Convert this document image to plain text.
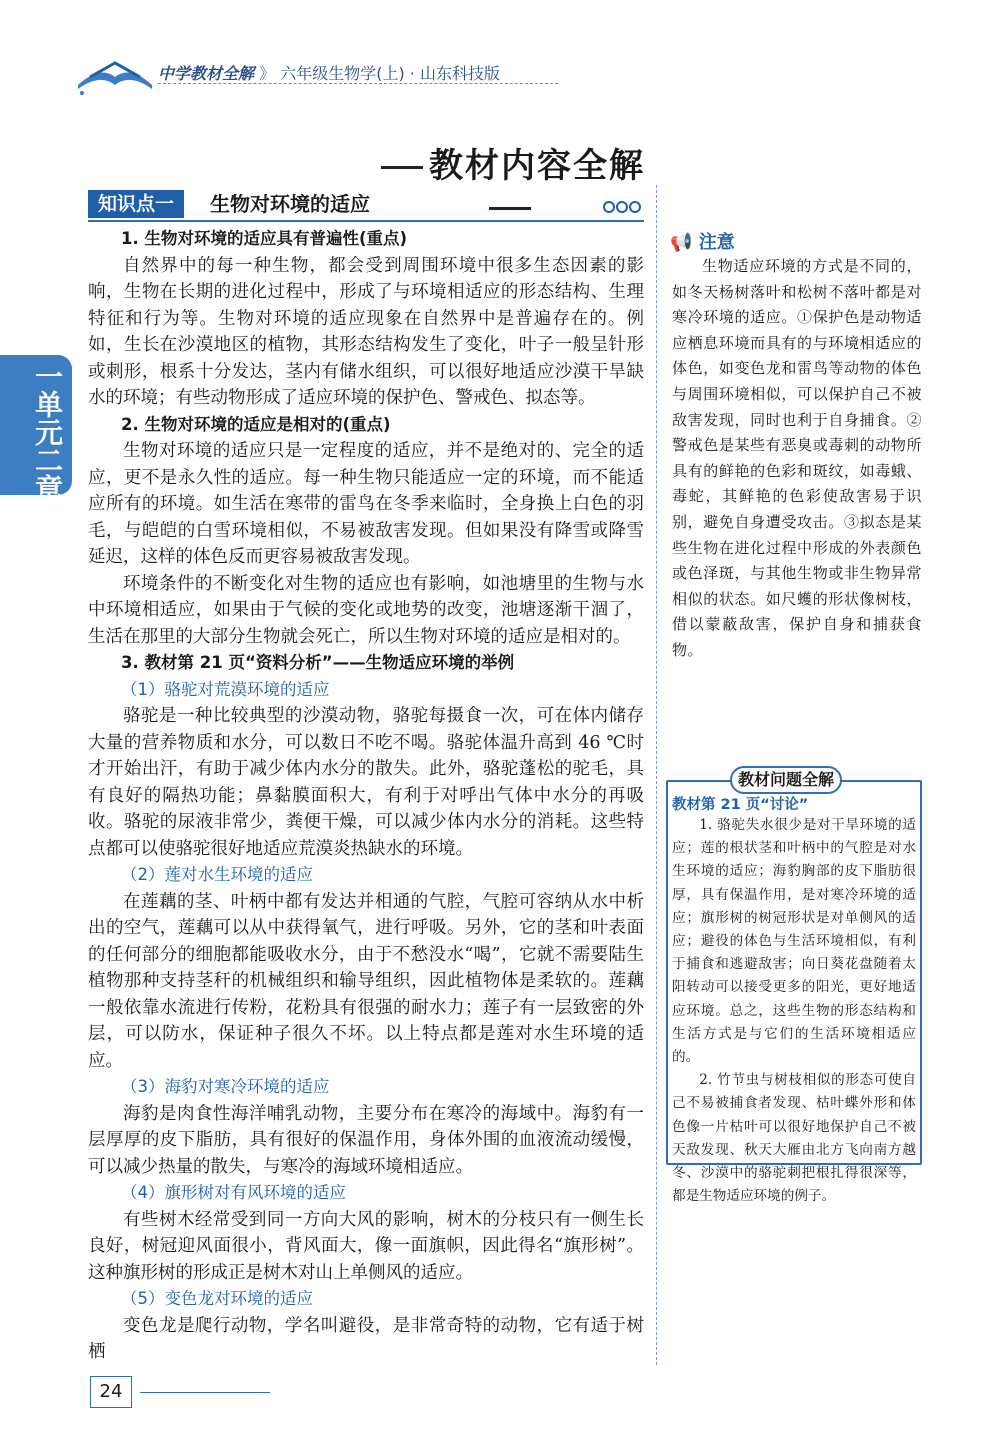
中学教材全解 》 六年级生物学(上) · 山东科技版
教材内容全解
知识点一	生物对环境的适应
一单元二章

1. 生物对环境的适应具有普遍性(重点)

自然界中的每一种生物，都会受到周围环境中很多生态因素的影响，生物在长期的进化过程中，形成了与环境相适应的形态结构、生理特征和行为等。生物对环境的适应现象在自然界中是普遍存在的。例如，生长在沙漠地区的植物，其形态结构发生了变化，叶子一般呈针形或刺形，根系十分发达，茎内有储水组织，可以很好地适应沙漠干旱缺水的环境；有些动物形成了适应环境的保护色、警戒色、拟态等。

2. 生物对环境的适应是相对的(重点)

生物对环境的适应只是一定程度的适应，并不是绝对的、完全的适应，更不是永久性的适应。每一种生物只能适应一定的环境，而不能适应所有的环境。如生活在寒带的雷鸟在冬季来临时，全身换上白色的羽毛，与皑皑的白雪环境相似，不易被敌害发现。但如果没有降雪或降雪延迟，这样的体色反而更容易被敌害发现。

环境条件的不断变化对生物的适应也有影响，如池塘里的生物与水中环境相适应，如果由于气候的变化或地势的改变，池塘逐渐干涸了，生活在那里的大部分生物就会死亡，所以生物对环境的适应是相对的。

3. 教材第 21 页“资料分析”——生物适应环境的举例

（1）骆驼对荒漠环境的适应

骆驼是一种比较典型的沙漠动物，骆驼每摄食一次，可在体内储存大量的营养物质和水分，可以数日不吃不喝。骆驼体温升高到 46 ℃时才开始出汗，有助于减少体内水分的散失。此外，骆驼蓬松的驼毛，具有良好的隔热功能；鼻黏膜面积大，有利于对呼出气体中水分的再吸收。骆驼的尿液非常少，粪便干燥，可以减少体内水分的消耗。这些特点都可以使骆驼很好地适应荒漠炎热缺水的环境。

（2）莲对水生环境的适应

在莲藕的茎、叶柄中都有发达并相通的气腔，气腔可容纳从水中析出的空气，莲藕可以从中获得氧气，进行呼吸。另外，它的茎和叶表面的任何部分的细胞都能吸收水分，由于不愁没水“喝”，它就不需要陆生植物那种支持茎秆的机械组织和输导组织，因此植物体是柔软的。莲藕一般依靠水流进行传粉，花粉具有很强的耐水力；莲子有一层致密的外层，可以防水，保证种子很久不坏。以上特点都是莲对水生环境的适应。

（3）海豹对寒冷环境的适应

海豹是肉食性海洋哺乳动物，主要分布在寒冷的海域中。海豹有一层厚厚的皮下脂肪，具有很好的保温作用，身体外围的血液流动缓慢，可以减少热量的散失，与寒冷的海域环境相适应。

（4）旗形树对有风环境的适应

有些树木经常受到同一方向大风的影响，树木的分枝只有一侧生长良好，树冠迎风面很小，背风面大，像一面旗帜，因此得名“旗形树”。这种旗形树的形成正是树木对山上单侧风的适应。

（5）变色龙对环境的适应

变色龙是爬行动物，学名叫避役，是非常奇特的动物，它有适于树栖

📢 注意
生物适应环境的方式是不同的，如冬天杨树落叶和松树不落叶都是对寒冷环境的适应。①保护色是动物适应栖息环境而具有的与环境相适应的体色，如变色龙和雷鸟等动物的体色与周围环境相似，可以保护自己不被敌害发现，同时也利于自身捕食。②警戒色是某些有恶臭或毒刺的动物所具有的鲜艳的色彩和斑纹，如毒蛾、毒蛇，其鲜艳的色彩使敌害易于识别，避免自身遭受攻击。③拟态是某些生物在进化过程中形成的外表颜色或色泽斑，与其他生物或非生物异常相似的状态。如尺蠖的形状像树枝，借以蒙蔽敌害，保护自身和捕获食物。
教材问题全解
教材第 21 页“讨论”

1. 骆驼失水很少是对干旱环境的适应；莲的根状茎和叶柄中的气腔是对水生环境的适应；海豹胸部的皮下脂肪很厚，具有保温作用，是对寒冷环境的适应；旗形树的树冠形状是对单侧风的适应；避役的体色与生活环境相似，有利于捕食和逃避敌害；向日葵花盘随着太阳转动可以接受更多的阳光，更好地适应环境。总之，这些生物的形态结构和生活方式是与它们的生活环境相适应的。

2. 竹节虫与树枝相似的形态可使自己不易被捕食者发现、枯叶蝶外形和体色像一片枯叶可以很好地保护自己不被天敌发现、秋天大雁由北方飞向南方越冬、沙漠中的骆驼刺把根扎得很深等，都是生物适应环境的例子。

24
